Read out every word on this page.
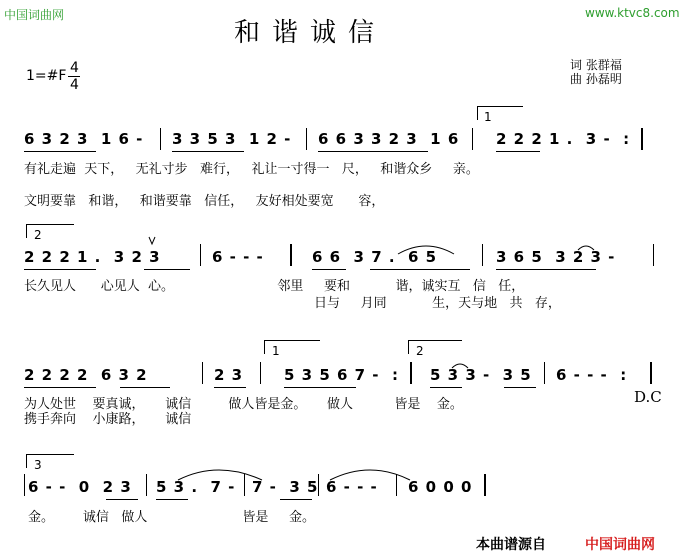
中国词曲网	www.ktvc8.com
和谐诚信
词 张群福
曲 孙磊明
1=#F 4
4
6 3 2 3  1 6 - 3 3 5 3  1 2 - 6 6 3 3 2 3  1 6 2 2 2 1 .  3 -  :
1
有礼走遍  天下，   无礼寸步   难行，   礼让一寸得一   尺，   和谐众乡     亲。
文明要靠   和谐，   和谐要靠   信任，   友好相处要宽      容，
2
2 2 2 1 .  3 2 3	6 - - -	6 6  3 7 .  6 5	3 6 5  3 2 3 -
长久见人      心见人  心。                         邻里     要和           谐，诚实互   信   任，
日与     月同           生，天与地   共   存，
1	2
2 2 2 2  6 3 2	2 3	5 3 5 6 7 -  : 5 3 3 -  3 5 6 - - -  :
D.C
为人处世    要真诚，     诚信         做人皆是金。     做人          皆是    金。
携手奔向    小康路，     诚信
3
6 - -  0  2 3 5 3 .  7 - 7 -  3 5 6 - - - 6 0 0 0
金。       诚信   做人                       皆是     金。
本曲谱源自	中国词曲网
